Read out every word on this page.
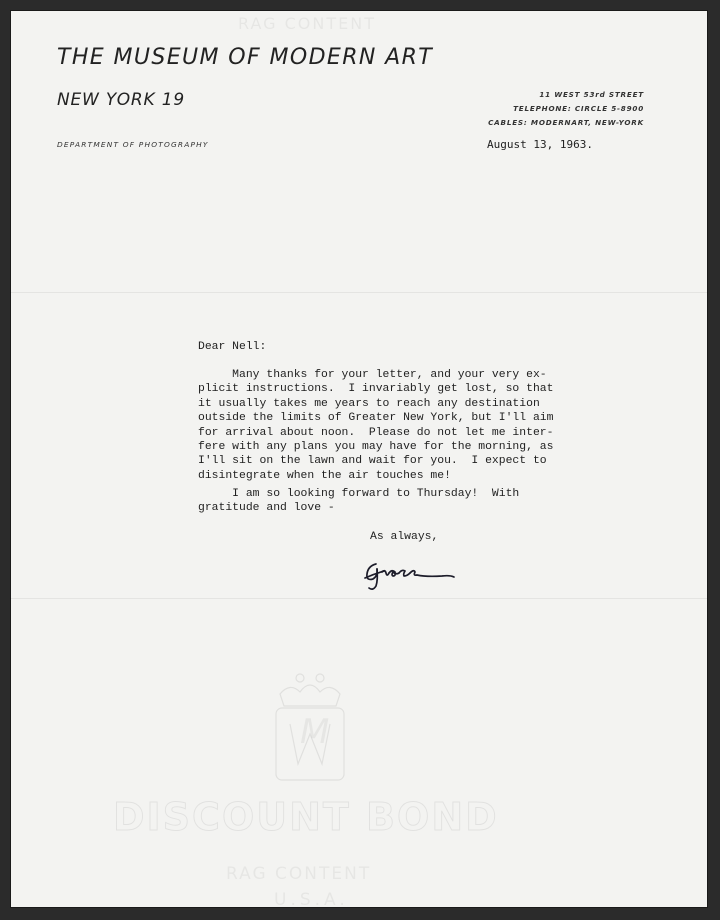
RAG CONTENT
M
DISCOUNT BOND
RAG CONTENT
U.S.A.
THE MUSEUM OF MODERN ART
NEW YORK 19
DEPARTMENT OF PHOTOGRAPHY
11 WEST 53rd STREET
TELEPHONE: CIRCLE 5-8900
CABLES: MODERNART, NEW-YORK
August 13, 1963.
Dear Nell:
Many thanks for your letter, and your very ex-
plicit instructions.  I invariably get lost, so that
it usually takes me years to reach any destination
outside the limits of Greater New York, but I'll aim
for arrival about noon.  Please do not let me inter-
fere with any plans you may have for the morning, as
I'll sit on the lawn and wait for you.  I expect to
disintegrate when the air touches me!
I am so looking forward to Thursday!  With
gratitude and love -
As always,
